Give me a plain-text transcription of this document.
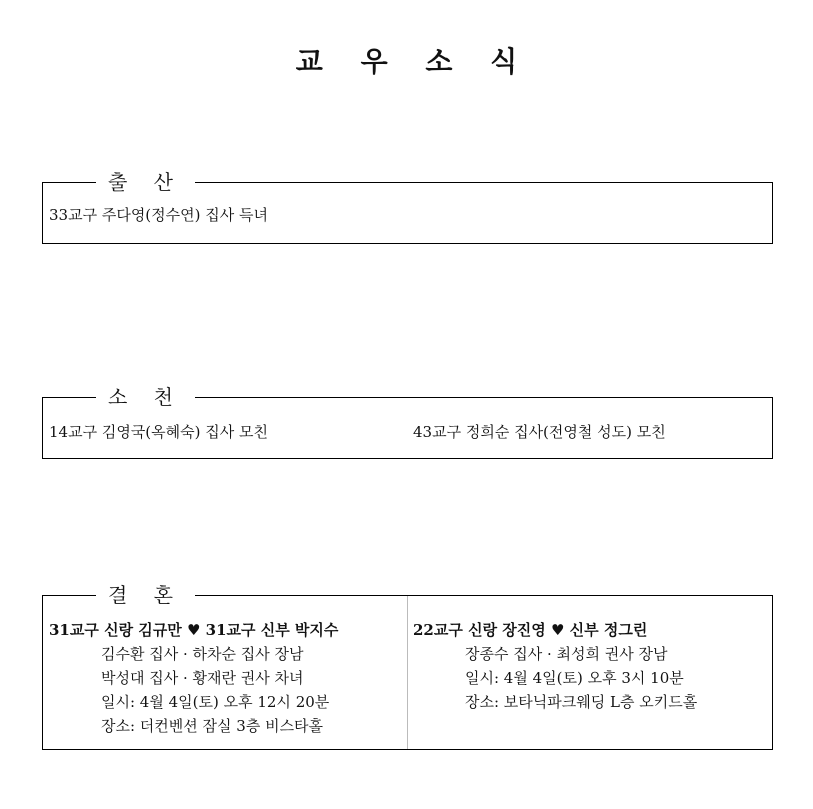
교 우 소 식
33교구 주다영(정수연) 집사 득녀
출 산
14교구 김영국(옥혜숙) 집사 모친	43교구 정희순 집사(전영철 성도) 모친
소 천
31교구 신랑 김규만 ♥ 31교구 신부 박지수
김수환 집사 · 하차순 집사 장남
박성대 집사 · 황재란 권사 차녀
일시: 4월 4일(토) 오후 12시 20분
장소: 더컨벤션 잠실 3층 비스타홀
22교구 신랑 장진영 ♥ 신부 정그린
장종수 집사 · 최성희 권사 장남
일시: 4월 4일(토) 오후 3시 10분
장소: 보타닉파크웨딩 L층 오키드홀
결 혼
